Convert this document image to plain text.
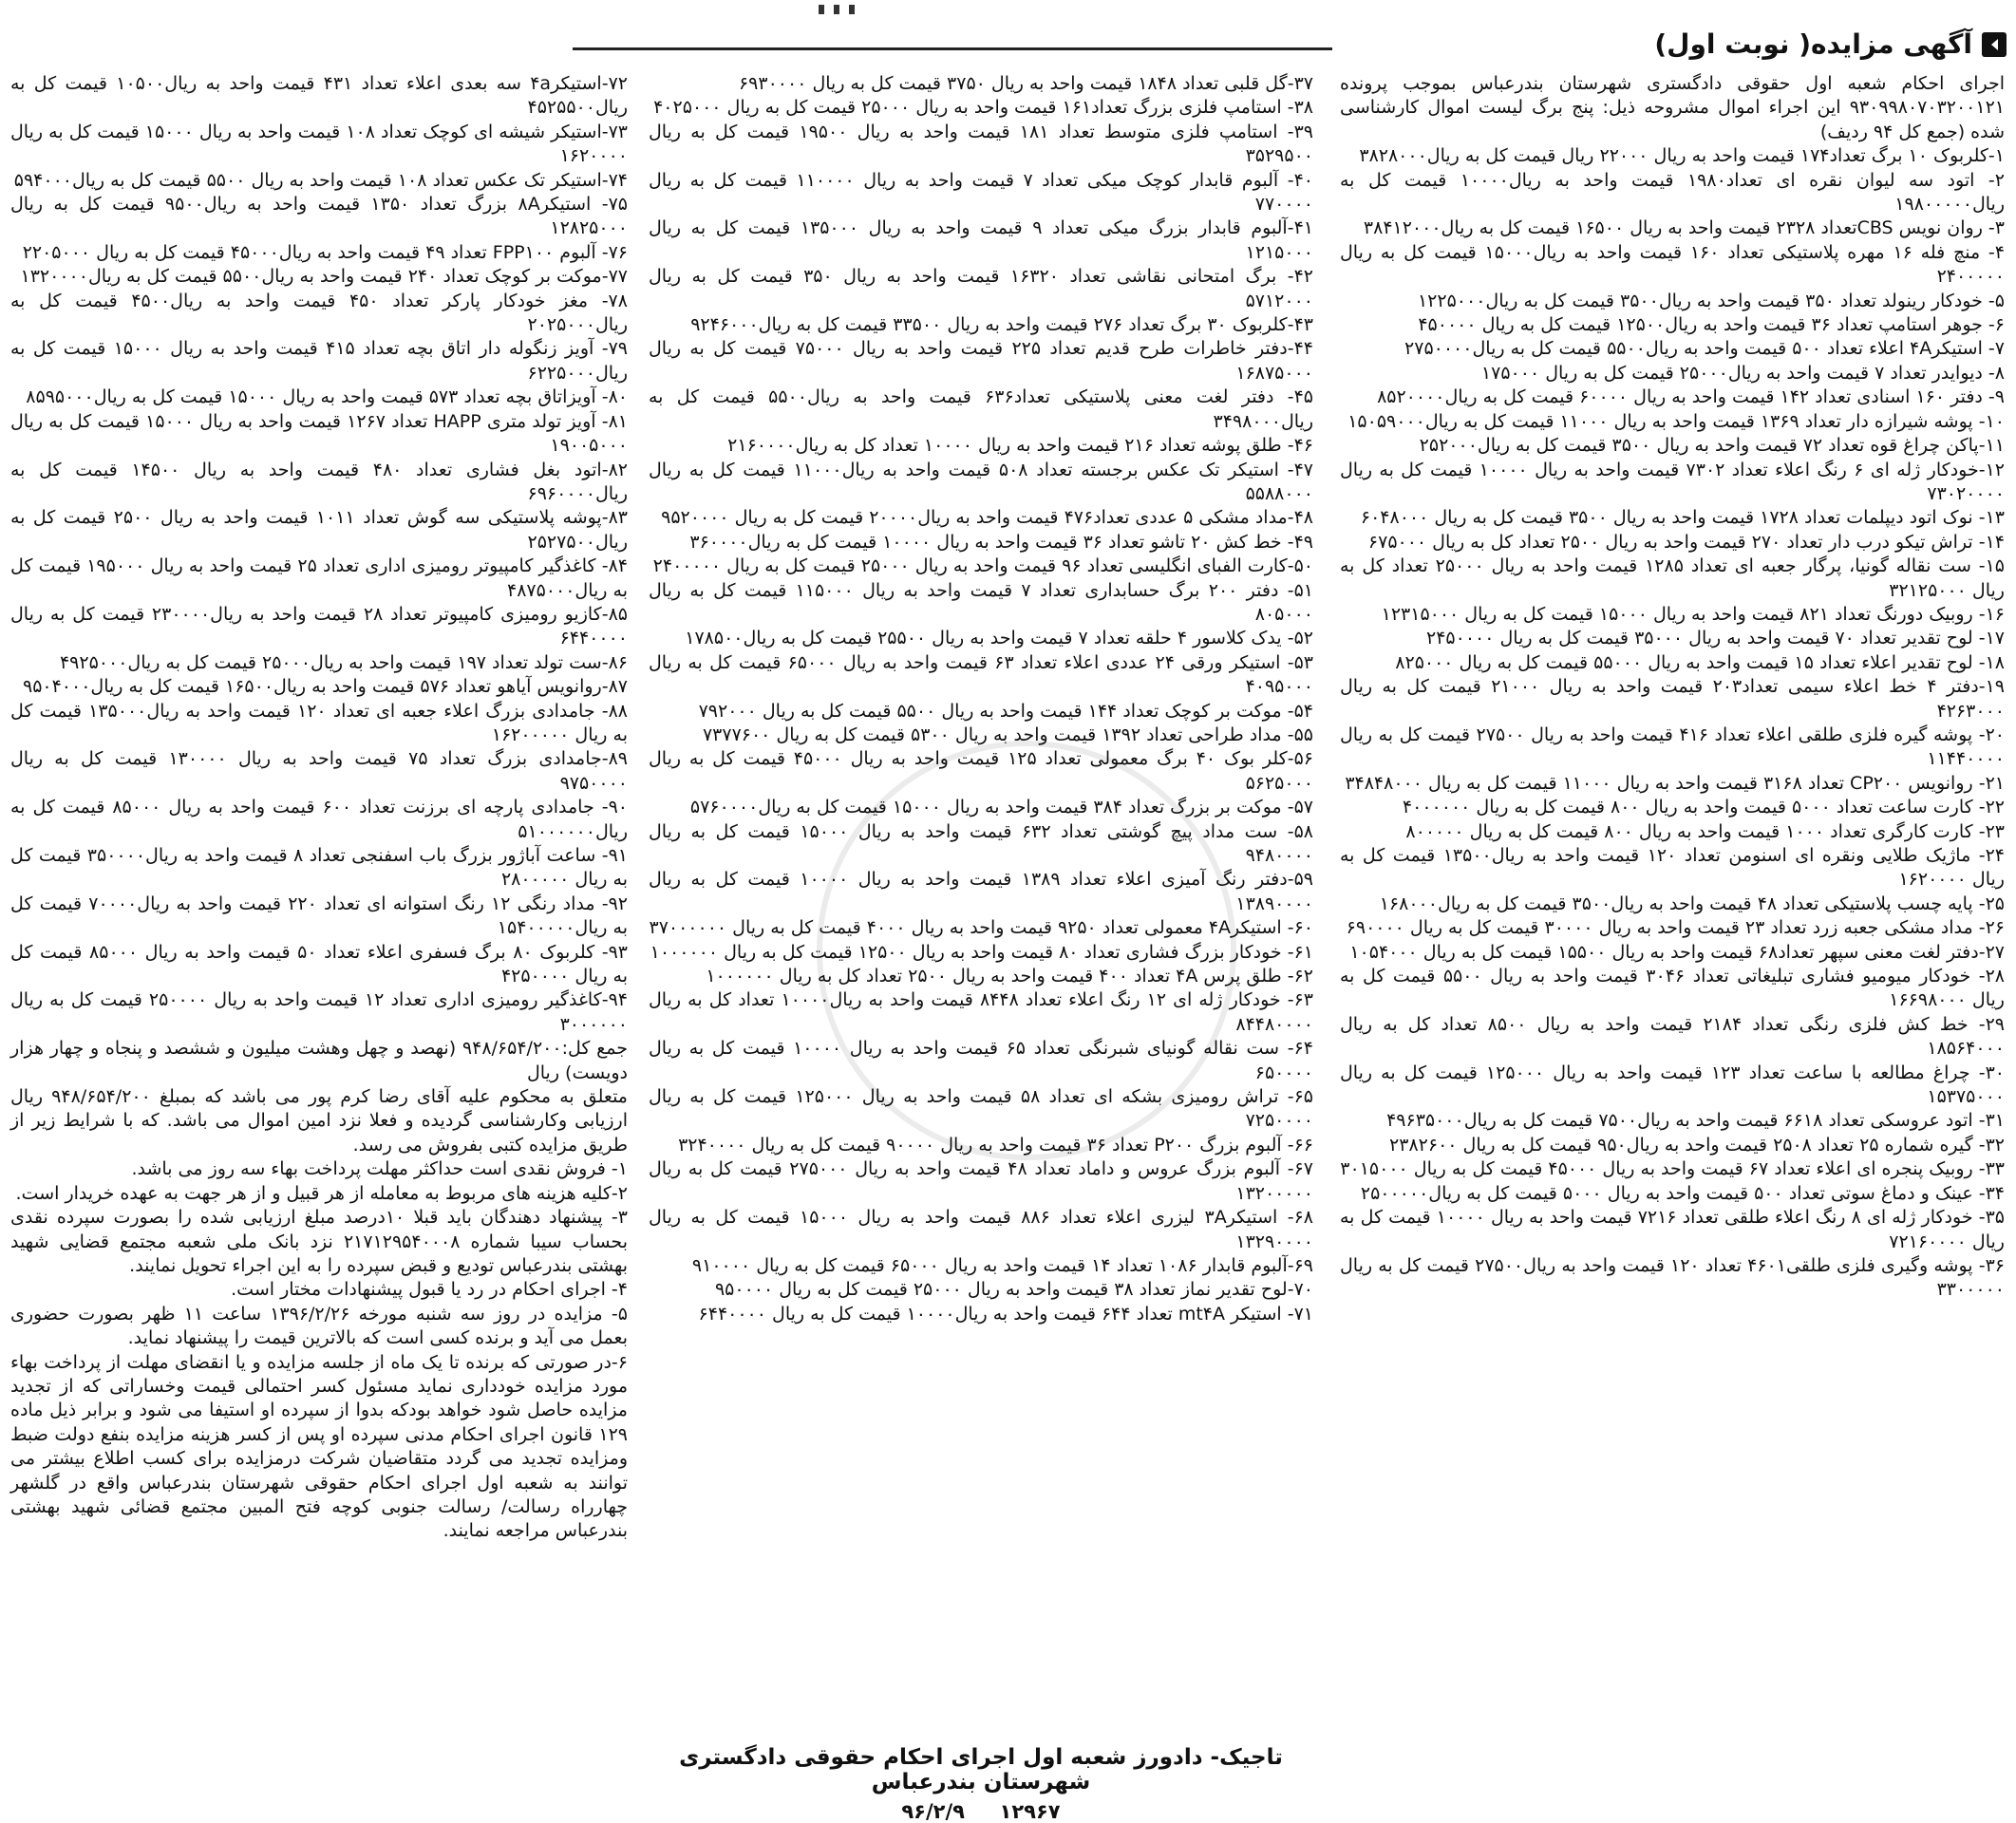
آگهی مزایده( نوبت اول)

اجرای احکام شعبه اول حقوقی دادگستری شهرستان بندرعباس بموجب پرونده ۹۳۰۹۹۸۰۷۰۳۲۰۰۱۲۱ این اجراء اموال مشروحه ذیل: پنج برگ لیست اموال کارشناسی شده (جمع کل ۹۴ ردیف)

۱-کلربوک ۱۰ برگ تعداد۱۷۴ قیمت واحد به ریال ۲۲۰۰۰ ریال قیمت کل به ریال۳۸۲۸۰۰۰

۲- اتود سه لیوان نقره ای تعداد۱۹۸۰ قیمت واحد به ریال۱۰۰۰۰ قیمت کل به ریال۱۹۸۰۰۰۰۰

۳- روان نویس CBSتعداد ۲۳۲۸ قیمت واحد به ریال ۱۶۵۰۰ قیمت کل به ریال۳۸۴۱۲۰۰۰

۴- منچ فله ۱۶ مهره پلاستیکی تعداد ۱۶۰ قیمت واحد به ریال۱۵۰۰۰ قیمت کل به ریال ۲۴۰۰۰۰۰

۵- خودکار رینولد تعداد ۳۵۰ قیمت واحد به ریال۳۵۰۰ قیمت کل به ریال۱۲۲۵۰۰۰

۶- جوهر استامپ تعداد ۳۶ قیمت واحد به ریال۱۲۵۰۰ قیمت کل به ریال ۴۵۰۰۰۰

۷- استیکر۴A اعلاء تعداد ۵۰۰ قیمت واحد به ریال۵۵۰۰ قیمت کل به ریال۲۷۵۰۰۰۰

۸- دیوایدر تعداد ۷ قیمت واحد به ریال۲۵۰۰۰ قیمت کل به ریال ۱۷۵۰۰۰

۹- دفتر ۱۶۰ اسنادی تعداد ۱۴۲ قیمت واحد به ریال ۶۰۰۰۰ قیمت کل به ریال۸۵۲۰۰۰۰

۱۰- پوشه شیرازه دار تعداد ۱۳۶۹ قیمت واحد به ریال ۱۱۰۰۰ قیمت کل به ریال۱۵۰۵۹۰۰۰

۱۱-پاکن چراغ قوه تعداد ۷۲ قیمت واحد به ریال ۳۵۰۰ قیمت کل به ریال۲۵۲۰۰۰

۱۲-خودکار ژله ای ۶ رنگ اعلاء تعداد ۷۳۰۲ قیمت واحد به ریال ۱۰۰۰۰ قیمت کل به ریال ۷۳۰۲۰۰۰۰

۱۳- نوک اتود دیپلمات تعداد ۱۷۲۸ قیمت واحد به ریال ۳۵۰۰ قیمت کل به ریال ۶۰۴۸۰۰۰

۱۴- تراش تیکو درب دار تعداد ۲۷۰ قیمت واحد به ریال ۲۵۰۰ تعداد کل به ریال ۶۷۵۰۰۰

۱۵- ست نقاله گونیا، پرگار جعبه ای تعداد ۱۲۸۵ قیمت واحد به ریال ۲۵۰۰۰ تعداد کل به ریال ۳۲۱۲۵۰۰۰

۱۶- روبیک دورنگ تعداد ۸۲۱ قیمت واحد به ریال ۱۵۰۰۰ قیمت کل به ریال ۱۲۳۱۵۰۰۰

۱۷- لوح تقدیر تعداد ۷۰ قیمت واحد به ریال ۳۵۰۰۰ قیمت کل به ریال ۲۴۵۰۰۰۰

۱۸- لوح تقدیر اعلاء تعداد ۱۵ قیمت واحد به ریال ۵۵۰۰۰ قیمت کل به ریال ۸۲۵۰۰۰

۱۹-دفتر ۴ خط اعلاء سیمی تعداد۲۰۳ قیمت واحد به ریال ۲۱۰۰۰ قیمت کل به ریال ۴۲۶۳۰۰۰

۲۰- پوشه گیره فلزی طلقی اعلاء تعداد ۴۱۶ قیمت واحد به ریال ۲۷۵۰۰ قیمت کل به ریال ۱۱۴۴۰۰۰۰

۲۱- روانویس CP۲۰۰ تعداد ۳۱۶۸ قیمت واحد به ریال ۱۱۰۰۰ قیمت کل به ریال ۳۴۸۴۸۰۰۰

۲۲- کارت ساعت تعداد ۵۰۰۰ قیمت واحد به ریال ۸۰۰ قیمت کل به ریال ۴۰۰۰۰۰۰

۲۳- کارت کارگری تعداد ۱۰۰۰ قیمت واحد به ریال ۸۰۰ قیمت کل به ریال ۸۰۰۰۰۰

۲۴- ماژیک طلایی ونقره ای اسنومن تعداد ۱۲۰ قیمت واحد به ریال۱۳۵۰۰ قیمت کل به ریال ۱۶۲۰۰۰۰

۲۵- پایه چسب پلاستیکی تعداد ۴۸ قیمت واحد به ریال۳۵۰۰ قیمت کل به ریال۱۶۸۰۰۰

۲۶- مداد مشکی جعبه زرد تعداد ۲۳ قیمت واحد به ریال ۳۰۰۰۰ قیمت کل به ریال ۶۹۰۰۰۰

۲۷-دفتر لغت معنی سپهر تعداد۶۸ قیمت واحد به ریال ۱۵۵۰۰ قیمت کل به ریال ۱۰۵۴۰۰۰

۲۸- خودکار میومیو فشاری تبلیغاتی تعداد ۳۰۴۶ قیمت واحد به ریال ۵۵۰۰ قیمت کل به ریال ۱۶۶۹۸۰۰۰

۲۹- خط کش فلزی رنگی تعداد ۲۱۸۴ قیمت واحد به ریال ۸۵۰۰ تعداد کل به ریال ۱۸۵۶۴۰۰۰

۳۰- چراغ مطالعه با ساعت تعداد ۱۲۳ قیمت واحد به ریال ۱۲۵۰۰۰ قیمت کل به ریال ۱۵۳۷۵۰۰۰

۳۱- اتود عروسکی تعداد ۶۶۱۸ قیمت واحد به ریال۷۵۰۰ قیمت کل به ریال۴۹۶۳۵۰۰۰

۳۲- گیره شماره ۲۵ تعداد ۲۵۰۸ قیمت واحد به ریال۹۵۰ قیمت کل به ریال ۲۳۸۲۶۰۰

۳۳- روبیک پنجره ای اعلاء تعداد ۶۷ قیمت واحد به ریال ۴۵۰۰۰ قیمت کل به ریال ۳۰۱۵۰۰۰

۳۴- عینک و دماغ سوتی تعداد ۵۰۰ قیمت واحد به ریال ۵۰۰۰ قیمت کل به ریال۲۵۰۰۰۰۰

۳۵- خودکار ژله ای ۸ رنگ اعلاء طلقی تعداد ۷۲۱۶ قیمت واحد به ریال ۱۰۰۰۰ قیمت کل به ریال ۷۲۱۶۰۰۰۰

۳۶- پوشه وگیری فلزی طلقی۴۶۰۱ تعداد ۱۲۰ قیمت واحد به ریال۲۷۵۰۰ قیمت کل به ریال ۳۳۰۰۰۰۰

۳۷-گل قلبی تعداد ۱۸۴۸ قیمت واحد به ریال ۳۷۵۰ قیمت کل به ریال ۶۹۳۰۰۰۰

۳۸- استامپ فلزی بزرگ تعداد۱۶۱ قیمت واحد به ریال ۲۵۰۰۰ قیمت کل به ریال ۴۰۲۵۰۰۰

۳۹- استامپ فلزی متوسط تعداد ۱۸۱ قیمت واحد به ریال ۱۹۵۰۰ قیمت کل به ریال ۳۵۲۹۵۰۰

۴۰- آلبوم قابدار کوچک میکی تعداد ۷ قیمت واحد به ریال ۱۱۰۰۰۰ قیمت کل به ریال ۷۷۰۰۰۰

۴۱-آلبوم قابدار بزرگ میکی تعداد ۹ قیمت واحد به ریال ۱۳۵۰۰۰ قیمت کل به ریال ۱۲۱۵۰۰۰

۴۲- برگ امتحانی نقاشی تعداد ۱۶۳۲۰ قیمت واحد به ریال ۳۵۰ قیمت کل به ریال ۵۷۱۲۰۰۰

۴۳-کلربوک ۳۰ برگ تعداد ۲۷۶ قیمت واحد به ریال ۳۳۵۰۰ قیمت کل به ریال۹۲۴۶۰۰۰

۴۴-دفتر خاطرات طرح قدیم تعداد ۲۲۵ قیمت واحد به ریال ۷۵۰۰۰ قیمت کل به ریال ۱۶۸۷۵۰۰۰

۴۵- دفتر لغت معنی پلاستیکی تعداد۶۳۶ قیمت واحد به ریال۵۵۰۰ قیمت کل به ریال۳۴۹۸۰۰۰

۴۶- طلق پوشه تعداد ۲۱۶ قیمت واحد به ریال ۱۰۰۰۰ تعداد کل به ریال۲۱۶۰۰۰۰

۴۷- استیکر تک عکس برجسته تعداد ۵۰۸ قیمت واحد به ریال۱۱۰۰۰ قیمت کل به ریال ۵۵۸۸۰۰۰

۴۸-مداد مشکی ۵ عددی تعداد۴۷۶ قیمت واحد به ریال۲۰۰۰۰ قیمت کل به ریال ۹۵۲۰۰۰۰

۴۹- خط کش ۲۰ تاشو تعداد ۳۶ قیمت واحد به ریال ۱۰۰۰۰ قیمت کل به ریال۳۶۰۰۰۰

۵۰-کارت الفبای انگلیسی تعداد ۹۶ قیمت واحد به ریال ۲۵۰۰۰ قیمت کل به ریال ۲۴۰۰۰۰۰

۵۱- دفتر ۲۰۰ برگ حسابداری تعداد ۷ قیمت واحد به ریال ۱۱۵۰۰۰ قیمت کل به ریال ۸۰۵۰۰۰

۵۲- یدک کلاسور ۴ حلقه تعداد ۷ قیمت واحد به ریال ۲۵۵۰۰ قیمت کل به ریال۱۷۸۵۰۰

۵۳- استیکر ورقی ۲۴ عددی اعلاء تعداد ۶۳ قیمت واحد به ریال ۶۵۰۰۰ قیمت کل به ریال ۴۰۹۵۰۰۰

۵۴- موکت بر کوچک تعداد ۱۴۴ قیمت واحد به ریال ۵۵۰۰ قیمت کل به ریال ۷۹۲۰۰۰

۵۵- مداد طراحی تعداد ۱۳۹۲ قیمت واحد به ریال ۵۳۰۰ قیمت کل به ریال ۷۳۷۷۶۰۰

۵۶-کلر بوک ۴۰ برگ معمولی تعداد ۱۲۵ قیمت واحد به ریال ۴۵۰۰۰ قیمت کل به ریال ۵۶۲۵۰۰۰

۵۷- موکت بر بزرگ تعداد ۳۸۴ قیمت واحد به ریال ۱۵۰۰۰ قیمت کل به ریال۵۷۶۰۰۰۰

۵۸- ست مداد پیچ گوشتی تعداد ۶۳۲ قیمت واحد به ریال ۱۵۰۰۰ قیمت کل به ریال ۹۴۸۰۰۰۰

۵۹-دفتر رنگ آمیزی اعلاء تعداد ۱۳۸۹ قیمت واحد به ریال ۱۰۰۰۰ قیمت کل به ریال ۱۳۸۹۰۰۰۰

۶۰- استیکر۴A معمولی تعداد ۹۲۵۰ قیمت واحد به ریال ۴۰۰۰ قیمت کل به ریال ۳۷۰۰۰۰۰۰

۶۱- خودکار بزرگ فشاری تعداد ۸۰ قیمت واحد به ریال ۱۲۵۰۰ قیمت کل به ریال ۱۰۰۰۰۰۰

۶۲- طلق پرس ۴A تعداد ۴۰۰ قیمت واحد به ریال ۲۵۰۰ تعداد کل به ریال ۱۰۰۰۰۰۰

۶۳- خودکار ژله ای ۱۲ رنگ اعلاء تعداد ۸۴۴۸ قیمت واحد به ریال۱۰۰۰۰ تعداد کل به ریال ۸۴۴۸۰۰۰۰

۶۴- ست نقاله گونیای شبرنگی تعداد ۶۵ قیمت واحد به ریال ۱۰۰۰۰ قیمت کل به ریال ۶۵۰۰۰۰

۶۵- تراش رومیزی بشکه ای تعداد ۵۸ قیمت واحد به ریال ۱۲۵۰۰۰ قیمت کل به ریال ۷۲۵۰۰۰۰

۶۶- آلبوم بزرگ P۲۰۰ تعداد ۳۶ قیمت واحد به ریال ۹۰۰۰۰ قیمت کل به ریال ۳۲۴۰۰۰۰

۶۷- آلبوم بزرگ عروس و داماد تعداد ۴۸ قیمت واحد به ریال ۲۷۵۰۰۰ قیمت کل به ریال ۱۳۲۰۰۰۰۰

۶۸- استیکر۳A لیزری اعلاء تعداد ۸۸۶ قیمت واحد به ریال ۱۵۰۰۰ قیمت کل به ریال ۱۳۲۹۰۰۰۰

۶۹-آلبوم قابدار ۱۰۸۶ تعداد ۱۴ قیمت واحد به ریال ۶۵۰۰۰ قیمت کل به ریال ۹۱۰۰۰۰

۷۰-لوح تقدیر نماز تعداد ۳۸ قیمت واحد به ریال ۲۵۰۰۰ قیمت کل به ریال ۹۵۰۰۰۰

۷۱- استیکر mt۴A تعداد ۶۴۴ قیمت واحد به ریال۱۰۰۰۰ قیمت کل به ریال ۶۴۴۰۰۰۰

۷۲-استیکر۴a سه بعدی اعلاء تعداد ۴۳۱ قیمت واحد به ریال۱۰۵۰۰ قیمت کل به ریال۴۵۲۵۵۰۰

۷۳-استیکر شیشه ای کوچک تعداد ۱۰۸ قیمت واحد به ریال ۱۵۰۰۰ قیمت کل به ریال ۱۶۲۰۰۰۰

۷۴-استیکر تک عکس تعداد ۱۰۸ قیمت واحد به ریال ۵۵۰۰ قیمت کل به ریال۵۹۴۰۰۰

۷۵- استیکر۸A بزرگ تعداد ۱۳۵۰ قیمت واحد به ریال۹۵۰۰ قیمت کل به ریال ۱۲۸۲۵۰۰۰

۷۶- آلبوم FPP۱۰۰ تعداد ۴۹ قیمت واحد به ریال۴۵۰۰۰ قیمت کل به ریال ۲۲۰۵۰۰۰

۷۷-موکت بر کوچک تعداد ۲۴۰ قیمت واحد به ریال۵۵۰۰ قیمت کل به ریال۱۳۲۰۰۰۰

۷۸- مغز خودکار پارکر تعداد ۴۵۰ قیمت واحد به ریال۴۵۰۰ قیمت کل به ریال۲۰۲۵۰۰۰

۷۹- آویز زنگوله دار اتاق بچه تعداد ۴۱۵ قیمت واحد به ریال ۱۵۰۰۰ قیمت کل به ریال۶۲۲۵۰۰۰

۸۰- آویزاتاق بچه تعداد ۵۷۳ قیمت واحد به ریال ۱۵۰۰۰ قیمت کل به ریال۸۵۹۵۰۰۰

۸۱- آویز تولد متری HAPP تعداد ۱۲۶۷ قیمت واحد به ریال ۱۵۰۰۰ قیمت کل به ریال ۱۹۰۰۵۰۰۰

۸۲-اتود بغل فشاری تعداد ۴۸۰ قیمت واحد به ریال ۱۴۵۰۰ قیمت کل به ریال۶۹۶۰۰۰۰

۸۳-پوشه پلاستیکی سه گوش تعداد ۱۰۱۱ قیمت واحد به ریال ۲۵۰۰ قیمت کل به ریال۲۵۲۷۵۰۰

۸۴- کاغذگیر کامپیوتر رومیزی اداری تعداد ۲۵ قیمت واحد به ریال ۱۹۵۰۰۰ قیمت کل به ریال۴۸۷۵۰۰۰

۸۵-کازیو رومیزی کامپیوتر تعداد ۲۸ قیمت واحد به ریال۲۳۰۰۰۰ قیمت کل به ریال ۶۴۴۰۰۰۰

۸۶-ست تولد تعداد ۱۹۷ قیمت واحد به ریال۲۵۰۰۰ قیمت کل به ریال۴۹۲۵۰۰۰

۸۷-روانویس آیاهو تعداد ۵۷۶ قیمت واحد به ریال۱۶۵۰۰ قیمت کل به ریال۹۵۰۴۰۰۰

۸۸- جامدادی بزرگ اعلاء جعبه ای تعداد ۱۲۰ قیمت واحد به ریال۱۳۵۰۰۰ قیمت کل به ریال ۱۶۲۰۰۰۰۰

۸۹-جامدادی بزرگ تعداد ۷۵ قیمت واحد به ریال ۱۳۰۰۰۰ قیمت کل به ریال ۹۷۵۰۰۰۰

۹۰- جامدادی پارچه ای برزنت تعداد ۶۰۰ قیمت واحد به ریال ۸۵۰۰۰ قیمت کل به ریال۵۱۰۰۰۰۰۰

۹۱- ساعت آباژور بزرگ باب اسفنجی تعداد ۸ قیمت واحد به ریال۳۵۰۰۰۰ قیمت کل به ریال ۲۸۰۰۰۰۰

۹۲- مداد رنگی ۱۲ رنگ استوانه ای تعداد ۲۲۰ قیمت واحد به ریال۷۰۰۰۰ قیمت کل به ریال۱۵۴۰۰۰۰۰

۹۳- کلربوک ۸۰ برگ فسفری اعلاء تعداد ۵۰ قیمت واحد به ریال ۸۵۰۰۰ قیمت کل به ریال ۴۲۵۰۰۰۰

۹۴-کاغذگیر رومیزی اداری تعداد ۱۲ قیمت واحد به ریال ۲۵۰۰۰۰ قیمت کل به ریال ۳۰۰۰۰۰۰

جمع کل:۹۴۸/۶۵۴/۲۰۰ (نهصد و چهل وهشت میلیون و ششصد و پنجاه و چهار هزار دویست) ریال

متعلق به محکوم علیه آقای رضا کرم پور می باشد که بمبلغ ۹۴۸/۶۵۴/۲۰۰ ریال ارزیابی وکارشناسی گردیده و فعلا نزد امین اموال می باشد. که با شرایط زیر از طریق مزایده کتبی بفروش می رسد.

۱- فروش نقدی است حداکثر مهلت پرداخت بهاء سه روز می باشد.

۲-کلیه هزینه های مربوط به معامله از هر قبیل و از هر جهت به عهده خریدار است.

۳- پیشنهاد دهندگان باید قبلا ۱۰درصد مبلغ ارزیابی شده را بصورت سپرده نقدی بحساب سیبا شماره ۲۱۷۱۲۹۵۴۰۰۰۸ نزد بانک ملی شعبه مجتمع قضایی شهید بهشتی بندرعباس تودیع و قبض سپرده را به این اجراء تحویل نمایند.

۴- اجرای احکام در رد یا قبول پیشنهادات مختار است.

۵- مزایده در روز سه شنبه مورخه ۱۳۹۶/۲/۲۶ ساعت ۱۱ ظهر بصورت حضوری بعمل می آید و برنده کسی است که بالاترین قیمت را پیشنهاد نماید.

۶-در صورتی که برنده تا یک ماه از جلسه مزایده و یا انقضای مهلت از پرداخت بهاء مورد مزایده خودداری نماید مسئول کسر احتمالی قیمت وخساراتی که از تجدید مزایده حاصل شود خواهد بودکه بدوا از سپرده او استیفا می شود و برابر ذیل ماده ۱۲۹ قانون اجرای احکام مدنی سپرده او پس از کسر هزینه مزایده بنفع دولت ضبط ومزایده تجدید می گردد متقاضیان شرکت درمزایده برای کسب اطلاع بیشتر می توانند به شعبه اول اجرای احکام حقوقی شهرستان بندرعباس واقع در گلشهر چهارراه رسالت/ رسالت جنوبی کوچه فتح المبین مجتمع قضائی شهید بهشتی بندرعباس مراجعه نمایند.

تاجیک- دادورز شعبه اول اجرای احکام حقوقی دادگستری شهرستان بندرعباس
۱۲۹۶۷     ۹۶/۲/۹
